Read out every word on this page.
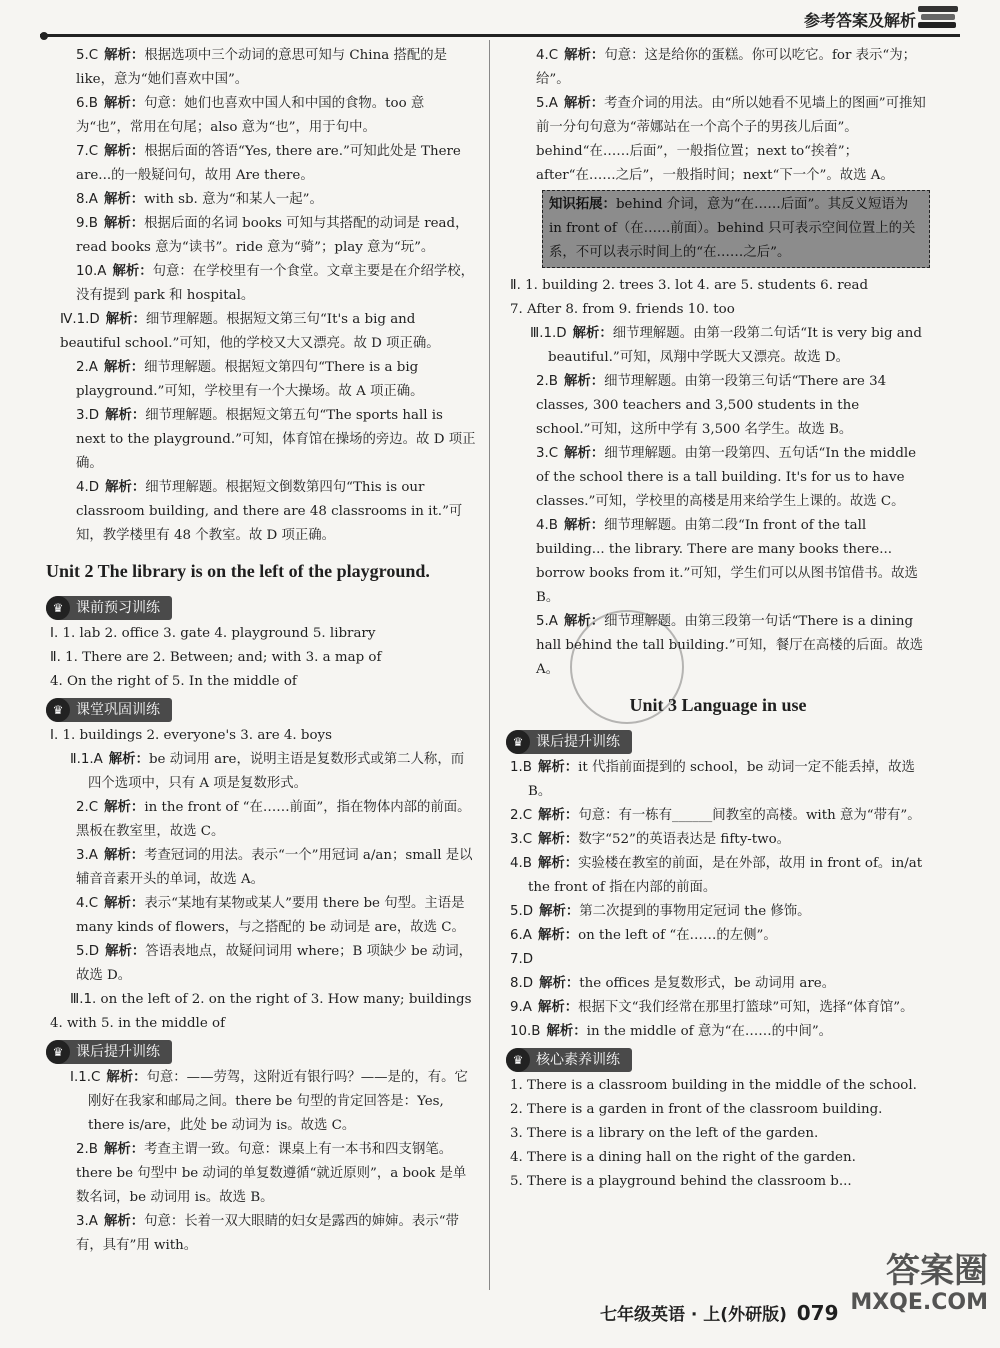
参考答案及解析
5.C 解析：根据选项中三个动词的意思可知与 China 搭配的是 like，意为“她们喜欢中国”。
6.B 解析：句意：她们也喜欢中国人和中国的食物。too 意为“也”，常用在句尾；also 意为“也”，用于句中。
7.C 解析：根据后面的答语“Yes, there are.”可知此处是 There are...的一般疑问句，故用 Are there。
8.A 解析：with sb. 意为“和某人一起”。
9.B 解析：根据后面的名词 books 可知与其搭配的动词是 read，read books 意为“读书”。ride 意为“骑”；play 意为“玩”。
10.A 解析：句意：在学校里有一个食堂。文章主要是在介绍学校，没有提到 park 和 hospital。
Ⅳ.1.D 解析：细节理解题。根据短文第三句“It's a big and beautiful school.”可知，他的学校又大又漂亮。故 D 项正确。
2.A 解析：细节理解题。根据短文第四句“There is a big playground.”可知，学校里有一个大操场。故 A 项正确。
3.D 解析：细节理解题。根据短文第五句“The sports hall is next to the playground.”可知，体育馆在操场的旁边。故 D 项正确。
4.D 解析：细节理解题。根据短文倒数第四句“This is our classroom building, and there are 48 classrooms in it.”可知，教学楼里有 48 个教室。故 D 项正确。
Unit 2 The library is on the left of the playground.
♛ 课前预习训练
Ⅰ. 1. lab 2. office 3. gate 4. playground 5. library
Ⅱ. 1. There are 2. Between; and; with 3. a map of
4. On the right of 5. In the middle of
♛ 课堂巩固训练
Ⅰ. 1. buildings 2. everyone's 3. are 4. boys
Ⅱ.1.A 解析：be 动词用 are，说明主语是复数形式或第二人称，而四个选项中，只有 A 项是复数形式。
2.C 解析：in the front of “在……前面”，指在物体内部的前面。黑板在教室里，故选 C。
3.A 解析：考查冠词的用法。表示“一个”用冠词 a/an；small 是以辅音音素开头的单词，故选 A。
4.C 解析：表示“某地有某物或某人”要用 there be 句型。主语是 many kinds of flowers，与之搭配的 be 动词是 are，故选 C。
5.D 解析：答语表地点，故疑问词用 where；B 项缺少 be 动词，故选 D。
Ⅲ.1. on the left of 2. on the right of 3. How many; buildings
4. with 5. in the middle of
♛ 课后提升训练
Ⅰ.1.C 解析：句意：——劳驾，这附近有银行吗？——是的，有。它刚好在我家和邮局之间。there be 句型的肯定回答是：Yes, there is/are，此处 be 动词为 is。故选 C。
2.B 解析：考查主谓一致。句意：课桌上有一本书和四支钢笔。there be 句型中 be 动词的单复数遵循“就近原则”，a book 是单数名词，be 动词用 is。故选 B。
3.A 解析：句意：长着一双大眼睛的妇女是露西的婶婶。表示“带有，具有”用 with。
4.C 解析：句意：这是给你的蛋糕。你可以吃它。for 表示“为；给”。
5.A 解析：考查介词的用法。由“所以她看不见墙上的图画”可推知前一分句句意为“蒂娜站在一个高个子的男孩儿后面”。behind“在……后面”，一般指位置；next to“挨着”；after“在……之后”，一般指时间；next“下一个”。故选 A。
知识拓展：behind 介词，意为“在……后面”。其反义短语为 in front of（在……前面）。behind 只可表示空间位置上的关系，不可以表示时间上的“在……之后”。
Ⅱ. 1. building 2. trees 3. lot 4. are 5. students 6. read
7. After 8. from 9. friends 10. too
Ⅲ.1.D 解析：细节理解题。由第一段第二句话“It is very big and beautiful.”可知，凤翔中学既大又漂亮。故选 D。
2.B 解析：细节理解题。由第一段第三句话“There are 34 classes, 300 teachers and 3,500 students in the school.”可知，这所中学有 3,500 名学生。故选 B。
3.C 解析：细节理解题。由第一段第四、五句话“In the middle of the school there is a tall building. It's for us to have classes.”可知，学校里的高楼是用来给学生上课的。故选 C。
4.B 解析：细节理解题。由第二段“In front of the tall building... the library. There are many books there... borrow books from it.”可知，学生们可以从图书馆借书。故选 B。
5.A 解析：细节理解题。由第三段第一句话“There is a dining hall behind the tall building.”可知，餐厅在高楼的后面。故选 A。
Unit 3 Language in use
♛ 课后提升训练
1.B 解析：it 代指前面提到的 school，be 动词一定不能丢掉，故选 B。
2.C 解析：句意：有一栋有______间教室的高楼。with 意为“带有”。
3.C 解析：数字“52”的英语表达是 fifty-two。
4.B 解析：实验楼在教室的前面，是在外部，故用 in front of。in/at the front of 指在内部的前面。
5.D 解析：第二次提到的事物用定冠词 the 修饰。
6.A 解析：on the left of “在……的左侧”。
7.D
8.D 解析：the offices 是复数形式，be 动词用 are。
9.A 解析：根据下文“我们经常在那里打篮球”可知，选择“体育馆”。
10.B 解析：in the middle of 意为“在……的中间”。
♛ 核心素养训练
1. There is a classroom building in the middle of the school.
2. There is a garden in front of the classroom building.
3. There is a library on the left of the garden.
4. There is a dining hall on the right of the garden.
5. There is a playground behind the classroom b...
七年级英语 · 上(外研版) 079
答案圈
MXQE.COM
